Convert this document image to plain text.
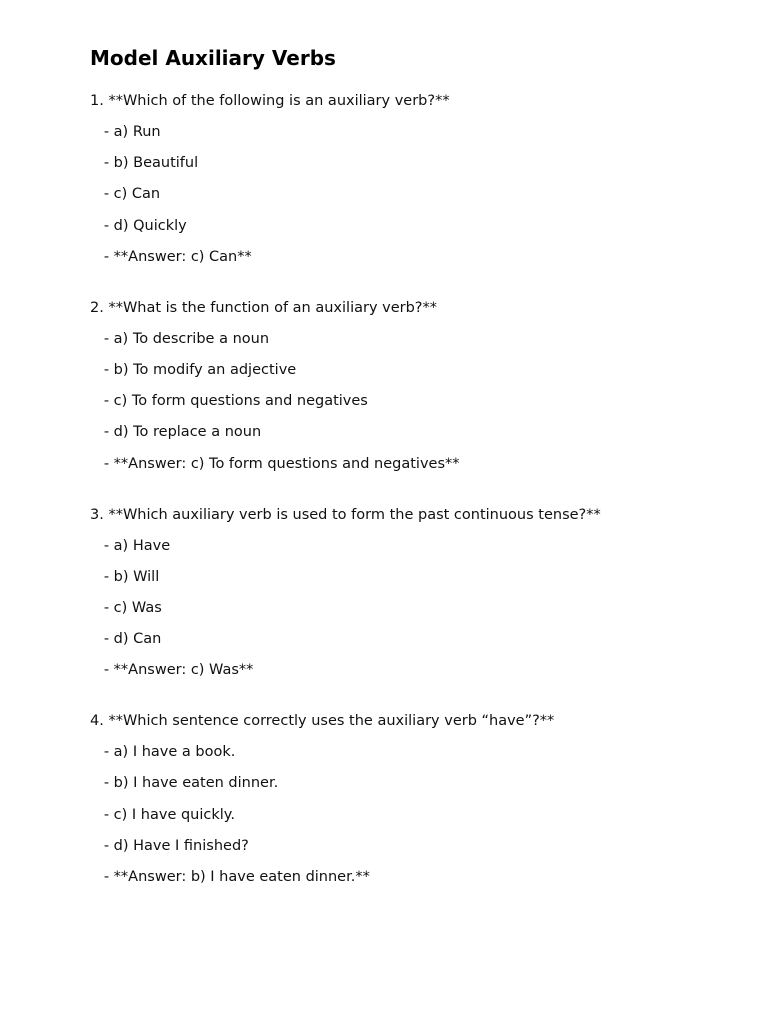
Model Auxiliary Verbs

1. **Which of the following is an auxiliary verb?**

- a) Run

- b) Beautiful

- c) Can

- d) Quickly

- **Answer: c) Can**

2. **What is the function of an auxiliary verb?**

- a) To describe a noun

- b) To modify an adjective

- c) To form questions and negatives

- d) To replace a noun

- **Answer: c) To form questions and negatives**

3. **Which auxiliary verb is used to form the past continuous tense?**

- a) Have

- b) Will

- c) Was

- d) Can

- **Answer: c) Was**

4. **Which sentence correctly uses the auxiliary verb “have”?**

- a) I have a book.

- b) I have eaten dinner.

- c) I have quickly.

- d) Have I finished?

- **Answer: b) I have eaten dinner.**
